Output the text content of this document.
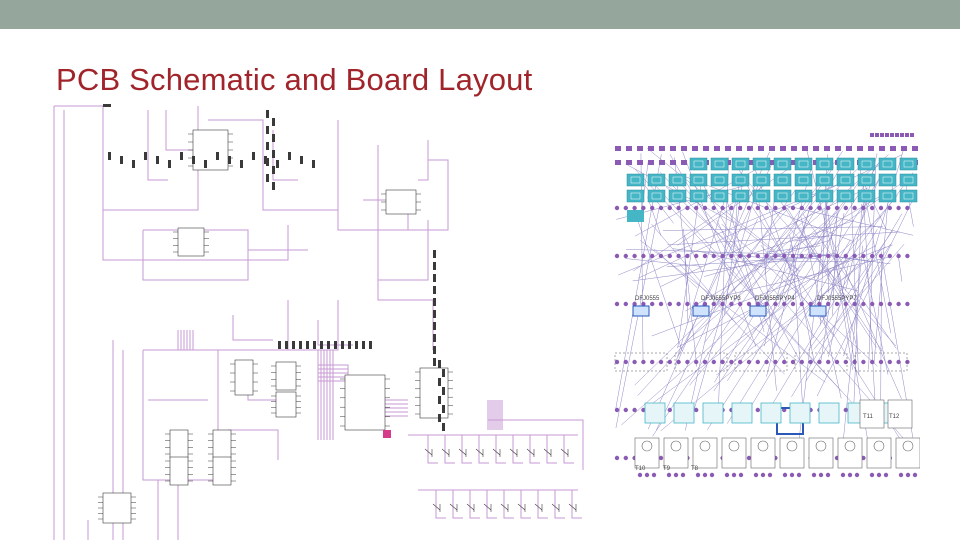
PCB Schematic and Board Layout
DFJ0555	DFJ0555PYP3 DFJ0555PYP4	DFJ0555PYP7
T11	T12
T10	T9	T8
